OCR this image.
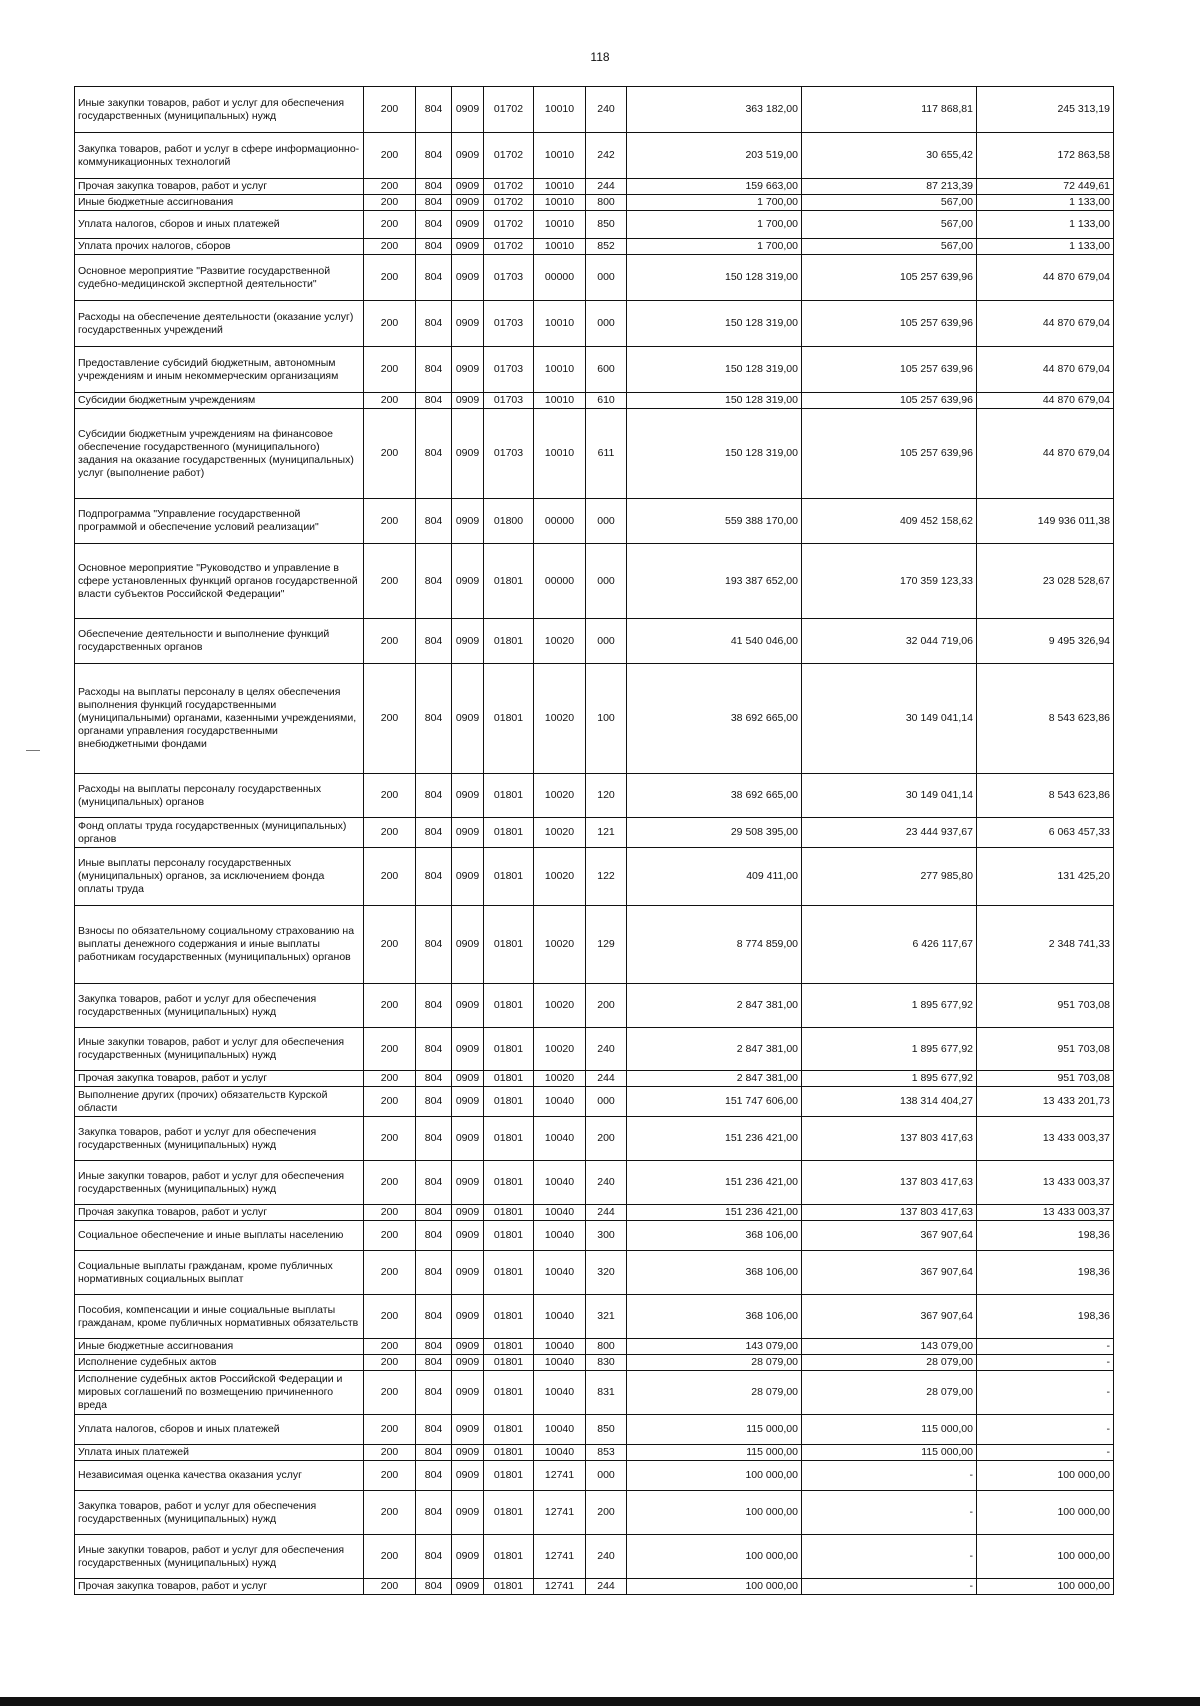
118
Иные закупки товаров, работ и услуг для обеспечения государственных (муниципальных) нужд	200	804	0909	01702	10010	240	363 182,00	117 868,81	245 313,19
Закупка товаров, работ и услуг в сфере информационно-коммуникационных технологий	200	804	0909	01702	10010	242	203 519,00	30 655,42	172 863,58
Прочая закупка товаров, работ и услуг	200	804	0909	01702	10010	244	159 663,00	87 213,39	72 449,61
Иные бюджетные ассигнования	200	804	0909	01702	10010	800	1 700,00	567,00	1 133,00
Уплата налогов, сборов и иных платежей	200	804	0909	01702	10010	850	1 700,00	567,00	1 133,00
Уплата прочих налогов, сборов	200	804	0909	01702	10010	852	1 700,00	567,00	1 133,00
Основное мероприятие "Развитие государственной судебно-медицинской экспертной деятельности"	200	804	0909	01703	00000	000	150 128 319,00	105 257 639,96	44 870 679,04
Расходы на обеспечение деятельности (оказание услуг) государственных учреждений	200	804	0909	01703	10010	000	150 128 319,00	105 257 639,96	44 870 679,04
Предоставление субсидий бюджетным, автономным учреждениям и иным некоммерческим организациям	200	804	0909	01703	10010	600	150 128 319,00	105 257 639,96	44 870 679,04
Субсидии бюджетным учреждениям	200	804	0909	01703	10010	610	150 128 319,00	105 257 639,96	44 870 679,04
Субсидии бюджетным учреждениям на финансовое обеспечение государственного (муниципального) задания на оказание государственных (муниципальных) услуг (выполнение работ)	200	804	0909	01703	10010	611	150 128 319,00	105 257 639,96	44 870 679,04
Подпрограмма "Управление государственной программой и обеспечение условий реализации"	200	804	0909	01800	00000	000	559 388 170,00	409 452 158,62	149 936 011,38
Основное мероприятие "Руководство и управление в сфере установленных функций органов государственной власти субъектов Российской Федерации"	200	804	0909	01801	00000	000	193 387 652,00	170 359 123,33	23 028 528,67
Обеспечение деятельности и выполнение функций государственных органов	200	804	0909	01801	10020	000	41 540 046,00	32 044 719,06	9 495 326,94
Расходы на выплаты персоналу в целях обеспечения выполнения функций государственными (муниципальными) органами, казенными учреждениями, органами управления государственными внебюджетными фондами	200	804	0909	01801	10020	100	38 692 665,00	30 149 041,14	8 543 623,86
Расходы на выплаты персоналу государственных (муниципальных) органов	200	804	0909	01801	10020	120	38 692 665,00	30 149 041,14	8 543 623,86
Фонд оплаты труда государственных (муниципальных) органов	200	804	0909	01801	10020	121	29 508 395,00	23 444 937,67	6 063 457,33
Иные выплаты персоналу государственных (муниципальных) органов, за исключением фонда оплаты труда	200	804	0909	01801	10020	122	409 411,00	277 985,80	131 425,20
Взносы по обязательному социальному страхованию на выплаты денежного содержания и иные выплаты работникам государственных (муниципальных) органов	200	804	0909	01801	10020	129	8 774 859,00	6 426 117,67	2 348 741,33
Закупка товаров, работ и услуг для обеспечения государственных (муниципальных) нужд	200	804	0909	01801	10020	200	2 847 381,00	1 895 677,92	951 703,08
Иные закупки товаров, работ и услуг для обеспечения государственных (муниципальных) нужд	200	804	0909	01801	10020	240	2 847 381,00	1 895 677,92	951 703,08
Прочая закупка товаров, работ и услуг	200	804	0909	01801	10020	244	2 847 381,00	1 895 677,92	951 703,08
Выполнение других (прочих) обязательств Курской области	200	804	0909	01801	10040	000	151 747 606,00	138 314 404,27	13 433 201,73
Закупка товаров, работ и услуг для обеспечения государственных (муниципальных) нужд	200	804	0909	01801	10040	200	151 236 421,00	137 803 417,63	13 433 003,37
Иные закупки товаров, работ и услуг для обеспечения государственных (муниципальных) нужд	200	804	0909	01801	10040	240	151 236 421,00	137 803 417,63	13 433 003,37
Прочая закупка товаров, работ и услуг	200	804	0909	01801	10040	244	151 236 421,00	137 803 417,63	13 433 003,37
Социальное обеспечение и иные выплаты населению	200	804	0909	01801	10040	300	368 106,00	367 907,64	198,36
Социальные выплаты гражданам, кроме публичных нормативных социальных выплат	200	804	0909	01801	10040	320	368 106,00	367 907,64	198,36
Пособия, компенсации и иные социальные выплаты гражданам, кроме публичных нормативных обязательств	200	804	0909	01801	10040	321	368 106,00	367 907,64	198,36
Иные бюджетные ассигнования	200	804	0909	01801	10040	800	143 079,00	143 079,00	-
Исполнение судебных актов	200	804	0909	01801	10040	830	28 079,00	28 079,00	-
Исполнение судебных актов Российской Федерации и мировых соглашений по возмещению причиненного вреда	200	804	0909	01801	10040	831	28 079,00	28 079,00	-
Уплата налогов, сборов и иных платежей	200	804	0909	01801	10040	850	115 000,00	115 000,00	-
Уплата иных платежей	200	804	0909	01801	10040	853	115 000,00	115 000,00	-
Независимая оценка качества оказания услуг	200	804	0909	01801	12741	000	100 000,00	-	100 000,00
Закупка товаров, работ и услуг для обеспечения государственных (муниципальных) нужд	200	804	0909	01801	12741	200	100 000,00	-	100 000,00
Иные закупки товаров, работ и услуг для обеспечения государственных (муниципальных) нужд	200	804	0909	01801	12741	240	100 000,00	-	100 000,00
Прочая закупка товаров, работ и услуг	200	804	0909	01801	12741	244	100 000,00	-	100 000,00
